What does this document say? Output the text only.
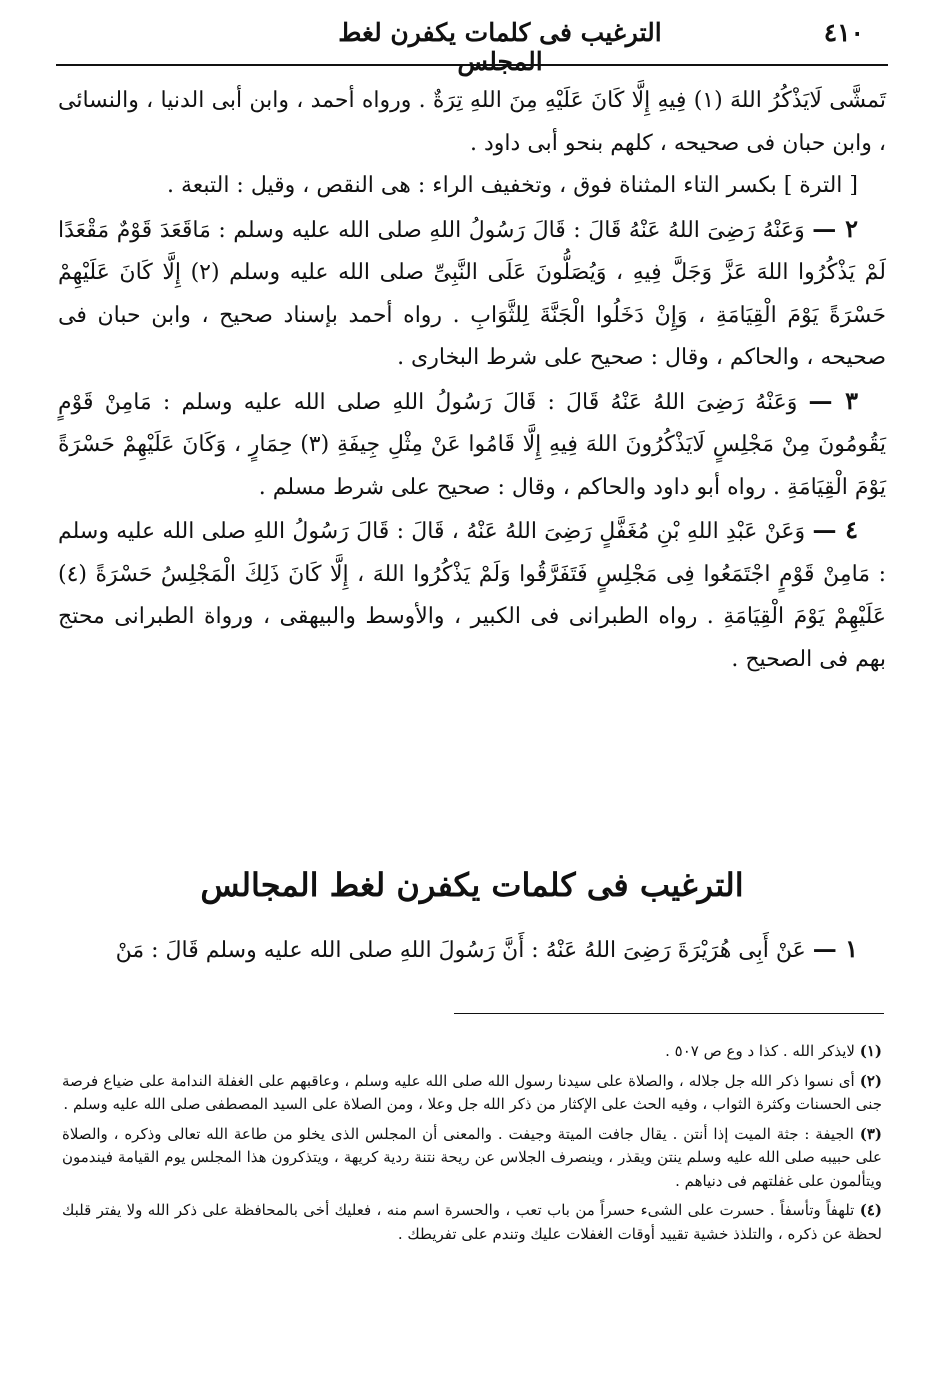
٤١٠
الترغيب فى كلمات يكفرن لغط المجلس

تَمشَّى لَايَذْكُرُ اللهَ (١) فِيهِ إِلَّا كَانَ عَلَيْهِ مِنَ اللهِ تِرَةٌ . ورواه أحمد ، وابن أبى الدنيا ، والنسائى ، وابن حبان فى صحيحه ، كلهم بنحو أبى داود .

[ الترة ] بكسر التاء المثناة فوق ، وتخفيف الراء : هى النقص ، وقيل : التبعة .

٢ — وَعَنْهُ رَضِىَ اللهُ عَنْهُ قَالَ : قَالَ رَسُولُ اللهِ صلى الله عليه وسلم : مَاقَعَدَ قَوْمٌ مَقْعَدًا لَمْ يَذْكُرُوا اللهَ عَزَّ وَجَلَّ فِيهِ ، وَيُصَلُّونَ عَلَى النَّبِىِّ صلى الله عليه وسلم (٢) إِلَّا كَانَ عَلَيْهِمْ حَسْرَةً يَوْمَ الْقِيَامَةِ ، وَإِنْ دَخَلُوا الْجَنَّةَ لِلثَّوَابِ . رواه أحمد بإسناد صحيح ، وابن حبان فى صحيحه ، والحاكم ، وقال : صحيح على شرط البخارى .

٣ — وَعَنْهُ رَضِىَ اللهُ عَنْهُ قَالَ : قَالَ رَسُولُ اللهِ صلى الله عليه وسلم : مَامِنْ قَوْمٍ يَقُومُونَ مِنْ مَجْلِسٍ لَايَذْكُرُونَ اللهَ فِيهِ إِلَّا قَامُوا عَنْ مِثْلِ جِيفَةِ (٣) حِمَارٍ ، وَكَانَ عَلَيْهِمْ حَسْرَةً يَوْمَ الْقِيَامَةِ . رواه أبو داود والحاكم ، وقال : صحيح على شرط مسلم .

٤ — وَعَنْ عَبْدِ اللهِ بْنِ مُغَفَّلٍ رَضِىَ اللهُ عَنْهُ ، قَالَ : قَالَ رَسُولُ اللهِ صلى الله عليه وسلم : مَامِنْ قَوْمٍ اجْتَمَعُوا فِى مَجْلِسٍ فَتَفَرَّقُوا وَلَمْ يَذْكُرُوا اللهَ ، إِلَّا كَانَ ذَلِكَ الْمَجْلِسُ حَسْرَةً (٤) عَلَيْهِمْ يَوْمَ الْقِيَامَةِ . رواه الطبرانى فى الكبير ، والأوسط والبيهقى ، ورواة الطبرانى محتج بهم فى الصحيح .

الترغيب فى كلمات يكفرن لغط المجالس

١ — عَنْ أَبِى هُرَيْرَةَ رَضِىَ اللهُ عَنْهُ : أَنَّ رَسُولَ اللهِ صلى الله عليه وسلم قَالَ : مَنْ

(١) لايذكر الله . كذا د وع ص ٥٠٧ .

(٢) أى نسوا ذكر الله جل جلاله ، والصلاة على سيدنا رسول الله صلى الله عليه وسلم ، وعاقبهم على الغفلة الندامة على ضياع فرصة جنى الحسنات وكثرة الثواب ، وفيه الحث على الإكثار من ذكر الله جل وعلا ، ومن الصلاة على السيد المصطفى صلى الله عليه وسلم .

(٣) الجيفة : جثة الميت إذا أنتن . يقال جافت الميتة وجيفت . والمعنى أن المجلس الذى يخلو من طاعة الله تعالى وذكره ، والصلاة على حبيبه صلى الله عليه وسلم ينتن ويقذر ، وينصرف الجلاس عن ريحة نتنة ردية كريهة ، ويتذكرون هذا المجلس يوم القيامة فيندمون ويتألمون على غفلتهم فى دنياهم .

(٤) تلهفاً وتأسفاً . حسرت على الشىء حسراً من باب تعب ، والحسرة اسم منه ، فعليك أخى بالمحافظة على ذكر الله ولا يفتر قلبك لحظة عن ذكره ، والتلذذ خشية تقييد أوقات الغفلات عليك وتندم على تفريطك .
